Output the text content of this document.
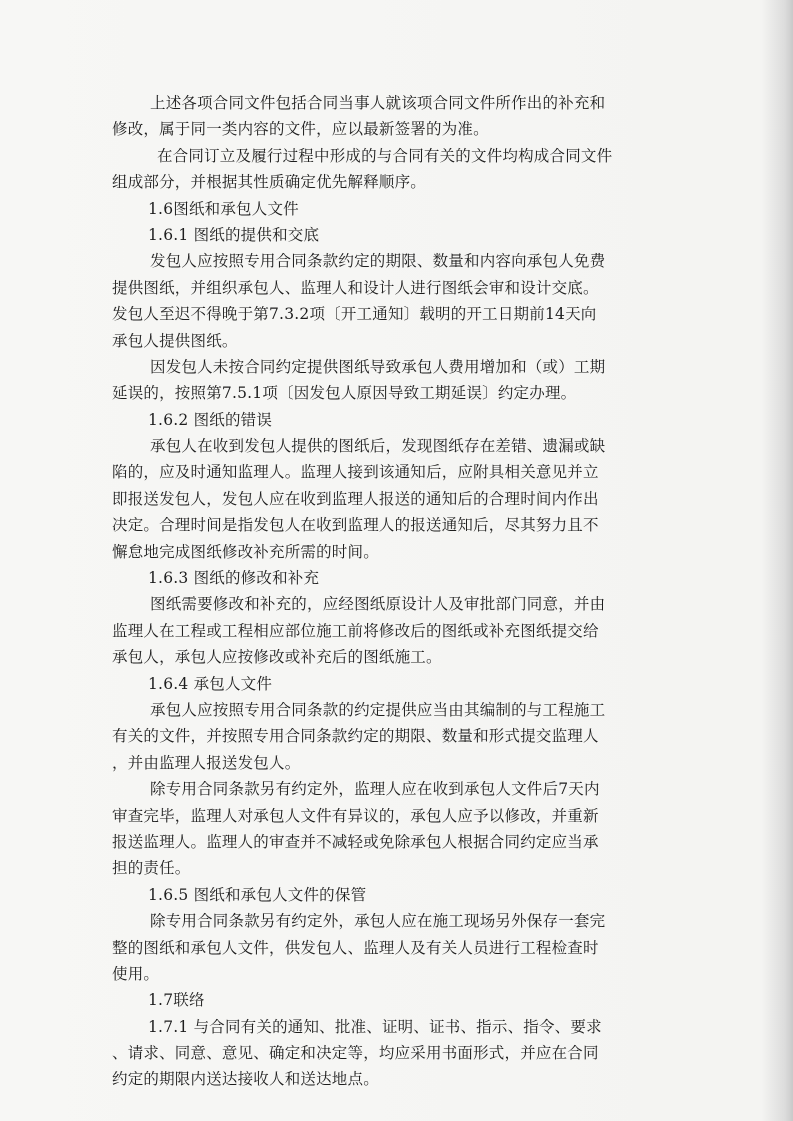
上述各项合同文件包括合同当事人就该项合同文件所作出的补充和
修改，属于同一类内容的文件，应以最新签署的为准。
在合同订立及履行过程中形成的与合同有关的文件均构成合同文件
组成部分，并根据其性质确定优先解释顺序。
1.6图纸和承包人文件
1.6.1 图纸的提供和交底
发包人应按照专用合同条款约定的期限、数量和内容向承包人免费
提供图纸，并组织承包人、监理人和设计人进行图纸会审和设计交底。
发包人至迟不得晚于第7.3.2项〔开工通知〕载明的开工日期前14天向
承包人提供图纸。
因发包人未按合同约定提供图纸导致承包人费用增加和（或）工期
延误的，按照第7.5.1项〔因发包人原因导致工期延误〕约定办理。
1.6.2 图纸的错误
承包人在收到发包人提供的图纸后，发现图纸存在差错、遗漏或缺
陷的，应及时通知监理人。监理人接到该通知后，应附具相关意见并立
即报送发包人，发包人应在收到监理人报送的通知后的合理时间内作出
决定。合理时间是指发包人在收到监理人的报送通知后，尽其努力且不
懈怠地完成图纸修改补充所需的时间。
1.6.3 图纸的修改和补充
图纸需要修改和补充的，应经图纸原设计人及审批部门同意，并由
监理人在工程或工程相应部位施工前将修改后的图纸或补充图纸提交给
承包人，承包人应按修改或补充后的图纸施工。
1.6.4 承包人文件
承包人应按照专用合同条款的约定提供应当由其编制的与工程施工
有关的文件，并按照专用合同条款约定的期限、数量和形式提交监理人
，并由监理人报送发包人。
除专用合同条款另有约定外，监理人应在收到承包人文件后7天内
审查完毕，监理人对承包人文件有异议的，承包人应予以修改，并重新
报送监理人。监理人的审查并不减轻或免除承包人根据合同约定应当承
担的责任。
1.6.5 图纸和承包人文件的保管
除专用合同条款另有约定外，承包人应在施工现场另外保存一套完
整的图纸和承包人文件，供发包人、监理人及有关人员进行工程检查时
使用。
1.7联络
1.7.1 与合同有关的通知、批准、证明、证书、指示、指令、要求
、请求、同意、意见、确定和决定等，均应采用书面形式，并应在合同
约定的期限内送达接收人和送达地点。
